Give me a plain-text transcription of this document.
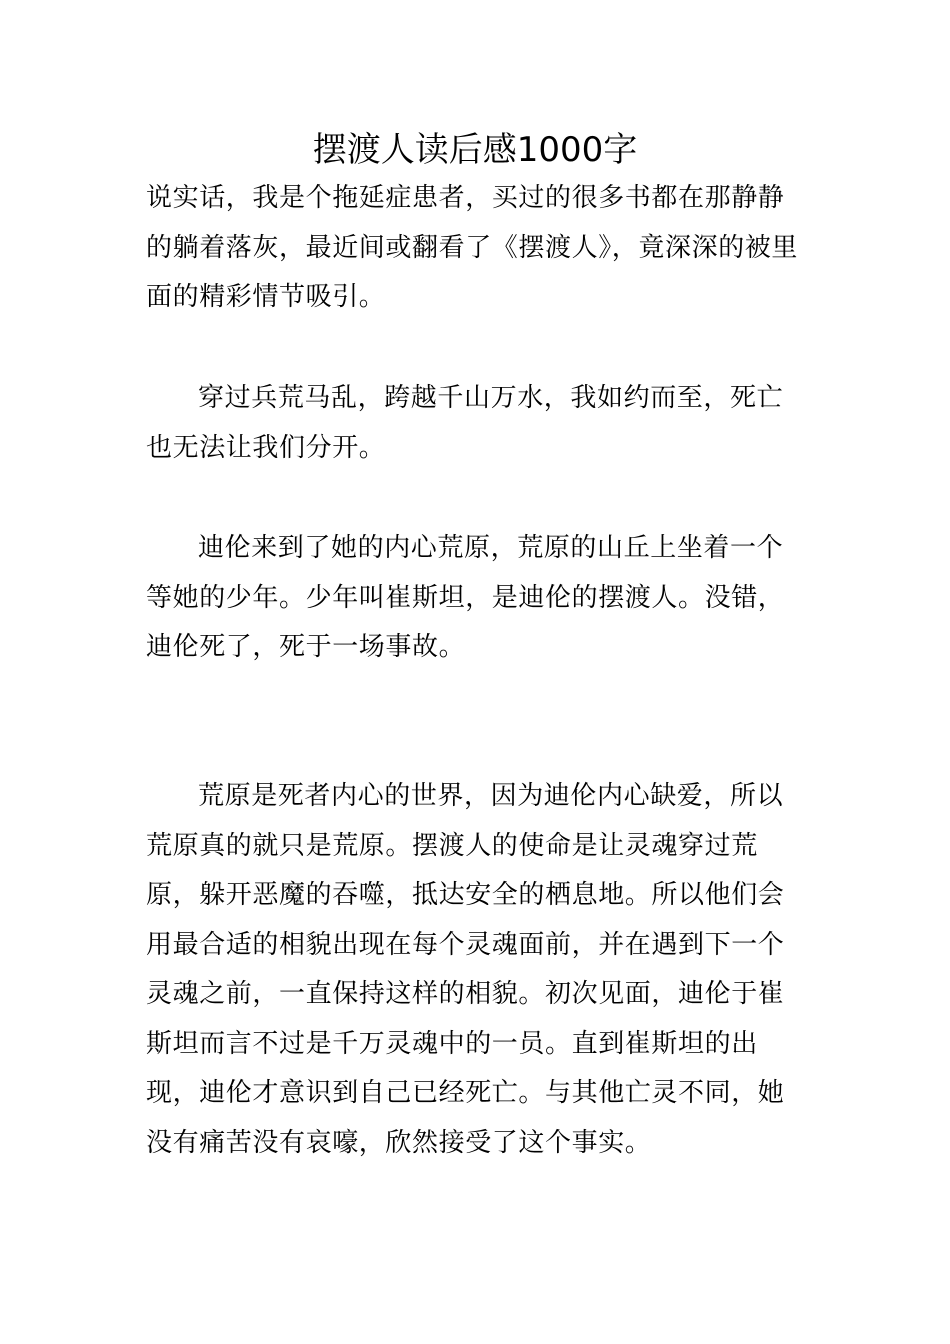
摆渡人读后感1000字

说实话，我是个拖延症患者，买过的很多书都在那静静的躺着落灰，最近间或翻看了《摆渡人》，竟深深的被里面的精彩情节吸引。

穿过兵荒马乱，跨越千山万水，我如约而至，死亡也无法让我们分开。

迪伦来到了她的内心荒原，荒原的山丘上坐着一个等她的少年。少年叫崔斯坦，是迪伦的摆渡人。没错，迪伦死了，死于一场事故。

荒原是死者内心的世界，因为迪伦内心缺爱，所以荒原真的就只是荒原。摆渡人的使命是让灵魂穿过荒原，躲开恶魔的吞噬，抵达安全的栖息地。所以他们会用最合适的相貌出现在每个灵魂面前，并在遇到下一个灵魂之前，一直保持这样的相貌。初次见面，迪伦于崔斯坦而言不过是千万灵魂中的一员。直到崔斯坦的出现，迪伦才意识到自己已经死亡。与其他亡灵不同，她没有痛苦没有哀嚎，欣然接受了这个事实。
